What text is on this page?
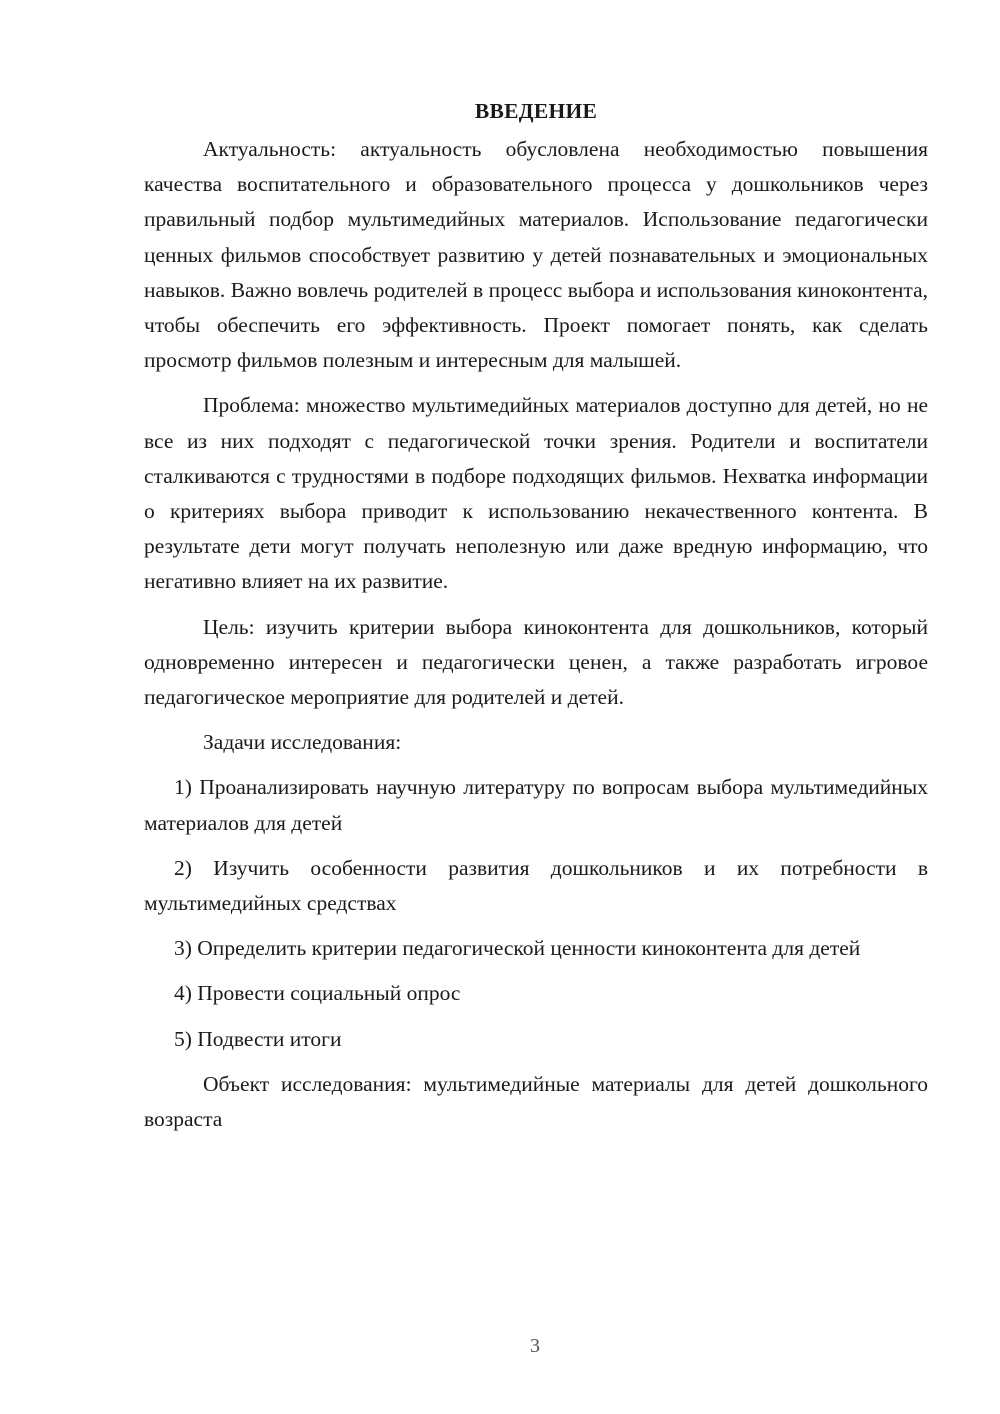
ВВЕДЕНИЕ

Актуальность: актуальность обусловлена необходимостью повышения качества воспитательного и образовательного процесса у дошкольников через правильный подбор мультимедийных материалов. Использование педагогически ценных фильмов способствует развитию у детей познавательных и эмоциональных навыков. Важно вовлечь родителей в процесс выбора и использования киноконтента, чтобы обеспечить его эффективность. Проект помогает понять, как сделать просмотр фильмов полезным и интересным для малышей.

Проблема: множество мультимедийных материалов доступно для детей, но не все из них подходят с педагогической точки зрения. Родители и воспитатели сталкиваются с трудностями в подборе подходящих фильмов. Нехватка информации о критериях выбора приводит к использованию некачественного контента. В результате дети могут получать неполезную или даже вредную информацию, что негативно влияет на их развитие.

Цель: изучить критерии выбора киноконтента для дошкольников, который одновременно интересен и педагогически ценен, а также разработать игровое педагогическое мероприятие для родителей и детей.

Задачи исследования:

1) Проанализировать научную литературу по вопросам выбора мультимедийных материалов для детей

2) Изучить особенности развития дошкольников и их потребности в мультимедийных средствах

3) Определить критерии педагогической ценности киноконтента для детей

4) Провести социальный опрос

5) Подвести итоги

Объект исследования: мультимедийные материалы для детей дошкольного возраста

3
